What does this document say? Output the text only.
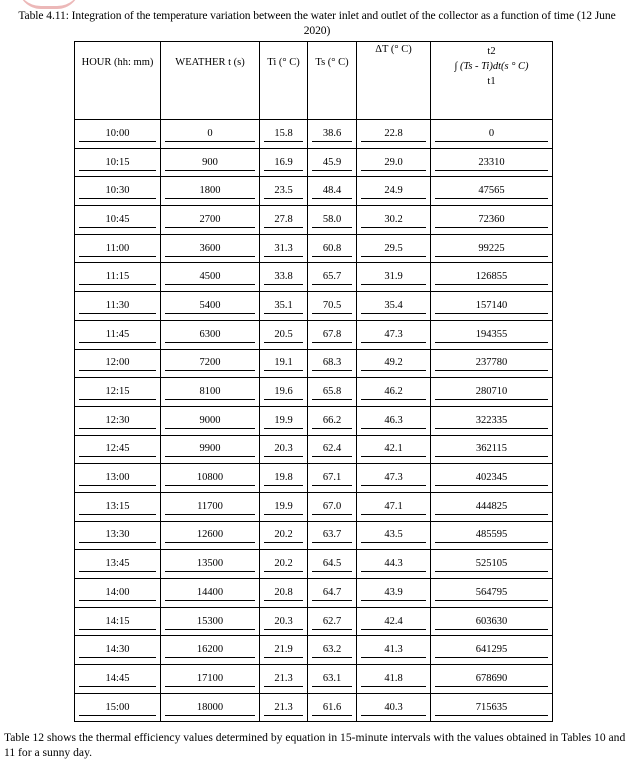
Table 4.11: Integration of the temperature variation between the water inlet and outlet of the collector as a function of time (12 June 2020)
HOUR (hh: mm)	WEATHER t (s)	Ti (° C)	Ts (° C)	ΔT (° C)	t2
∫ (Ts - Ti)dt(s ° C)
t1

10:00	0	15.8	38.6	22.8	0

10:15	900	16.9	45.9	29.0	23310

10:30	1800	23.5	48.4	24.9	47565

10:45	2700	27.8	58.0	30.2	72360

11:00	3600	31.3	60.8	29.5	99225

11:15	4500	33.8	65.7	31.9	126855

11:30	5400	35.1	70.5	35.4	157140

11:45	6300	20.5	67.8	47.3	194355

12:00	7200	19.1	68.3	49.2	237780

12:15	8100	19.6	65.8	46.2	280710

12:30	9000	19.9	66.2	46.3	322335

12:45	9900	20.3	62.4	42.1	362115

13:00	10800	19.8	67.1	47.3	402345

13:15	11700	19.9	67.0	47.1	444825

13:30	12600	20.2	63.7	43.5	485595

13:45	13500	20.2	64.5	44.3	525105

14:00	14400	20.8	64.7	43.9	564795

14:15	15300	20.3	62.7	42.4	603630

14:30	16200	21.9	63.2	41.3	641295

14:45	17100	21.3	63.1	41.8	678690

15:00	18000	21.3	61.6	40.3	715635
Table 12 shows the thermal efficiency values determined by equation in 15-minute intervals with the values obtained in Tables 10 and 11 for a sunny day.
